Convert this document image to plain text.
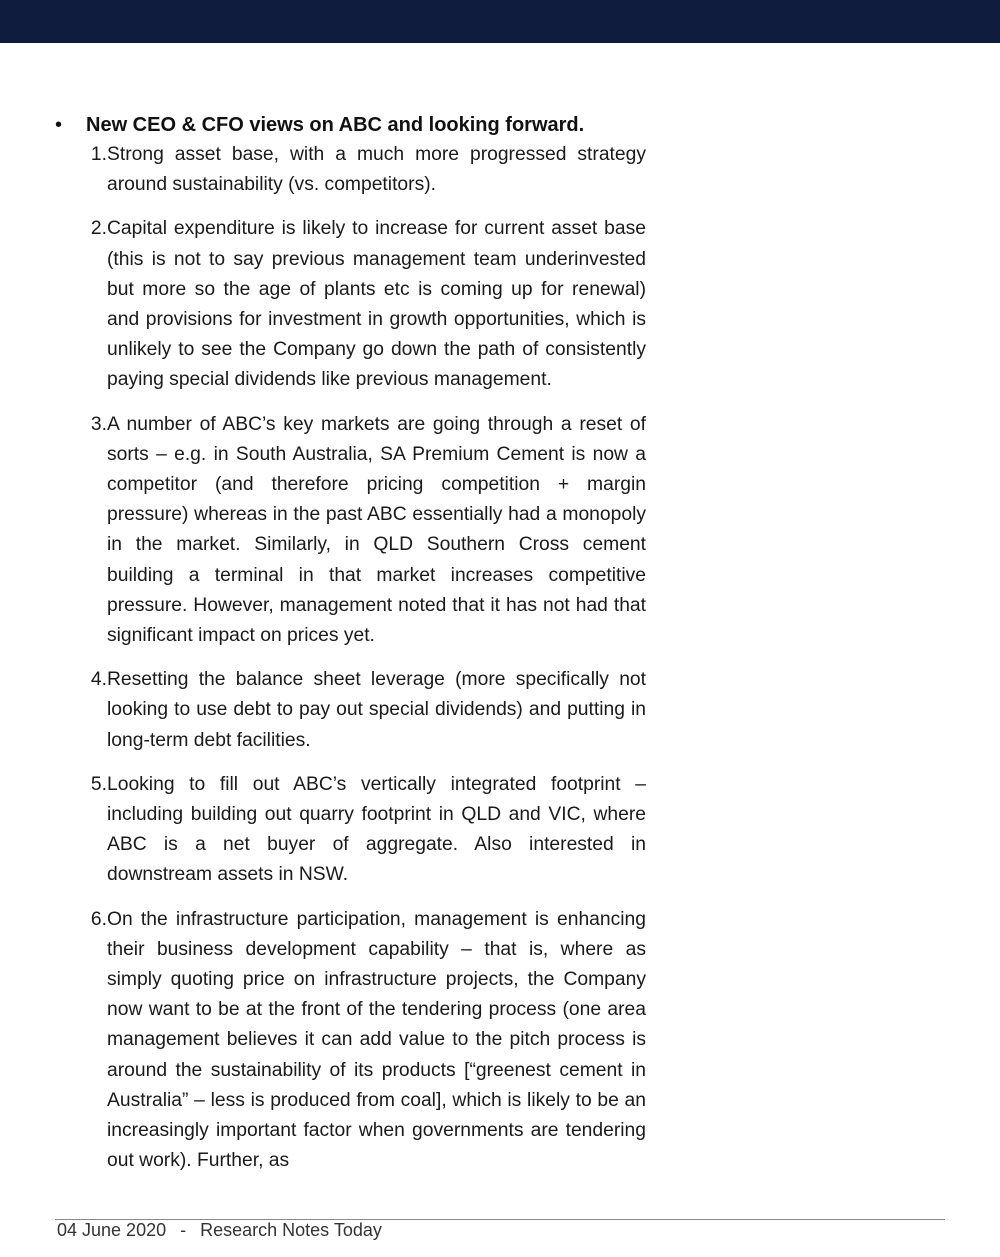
•	New CEO & CFO views on ABC and looking forward.
1. Strong asset base, with a much more progressed strategy around sustainability (vs. competitors).
2. Capital expenditure is likely to increase for current asset base (this is not to say previous management team underinvested but more so the age of plants etc is coming up for renewal) and provisions for investment in growth opportunities, which is unlikely to see the Company go down the path of consistently paying special dividends like previous management.
3. A number of ABC’s key markets are going through a reset of sorts – e.g. in South Australia, SA Premium Cement is now a competitor (and therefore pricing competition + margin pressure) whereas in the past ABC essentially had a monopoly in the market. Similarly, in QLD Southern Cross cement building a terminal in that market increases competitive pressure. However, management noted that it has not had that significant impact on prices yet.
4. Resetting the balance sheet leverage (more specifically not looking to use debt to pay out special dividends) and putting in long-term debt facilities.
5. Looking to fill out ABC’s vertically integrated footprint – including building out quarry footprint in QLD and VIC, where ABC is a net buyer of aggregate. Also interested in downstream assets in NSW.
6. On the infrastructure participation, management is enhancing their business development capability – that is, where as simply quoting price on infrastructure projects, the Company now want to be at the front of the tendering process (one area management believes it can add value to the pitch process is around the sustainability of its products [“greenest cement in Australia” – less is produced from coal], which is likely to be an increasingly important factor when governments are tendering out work). Further, as
04 June 2020 - Research Notes Today
